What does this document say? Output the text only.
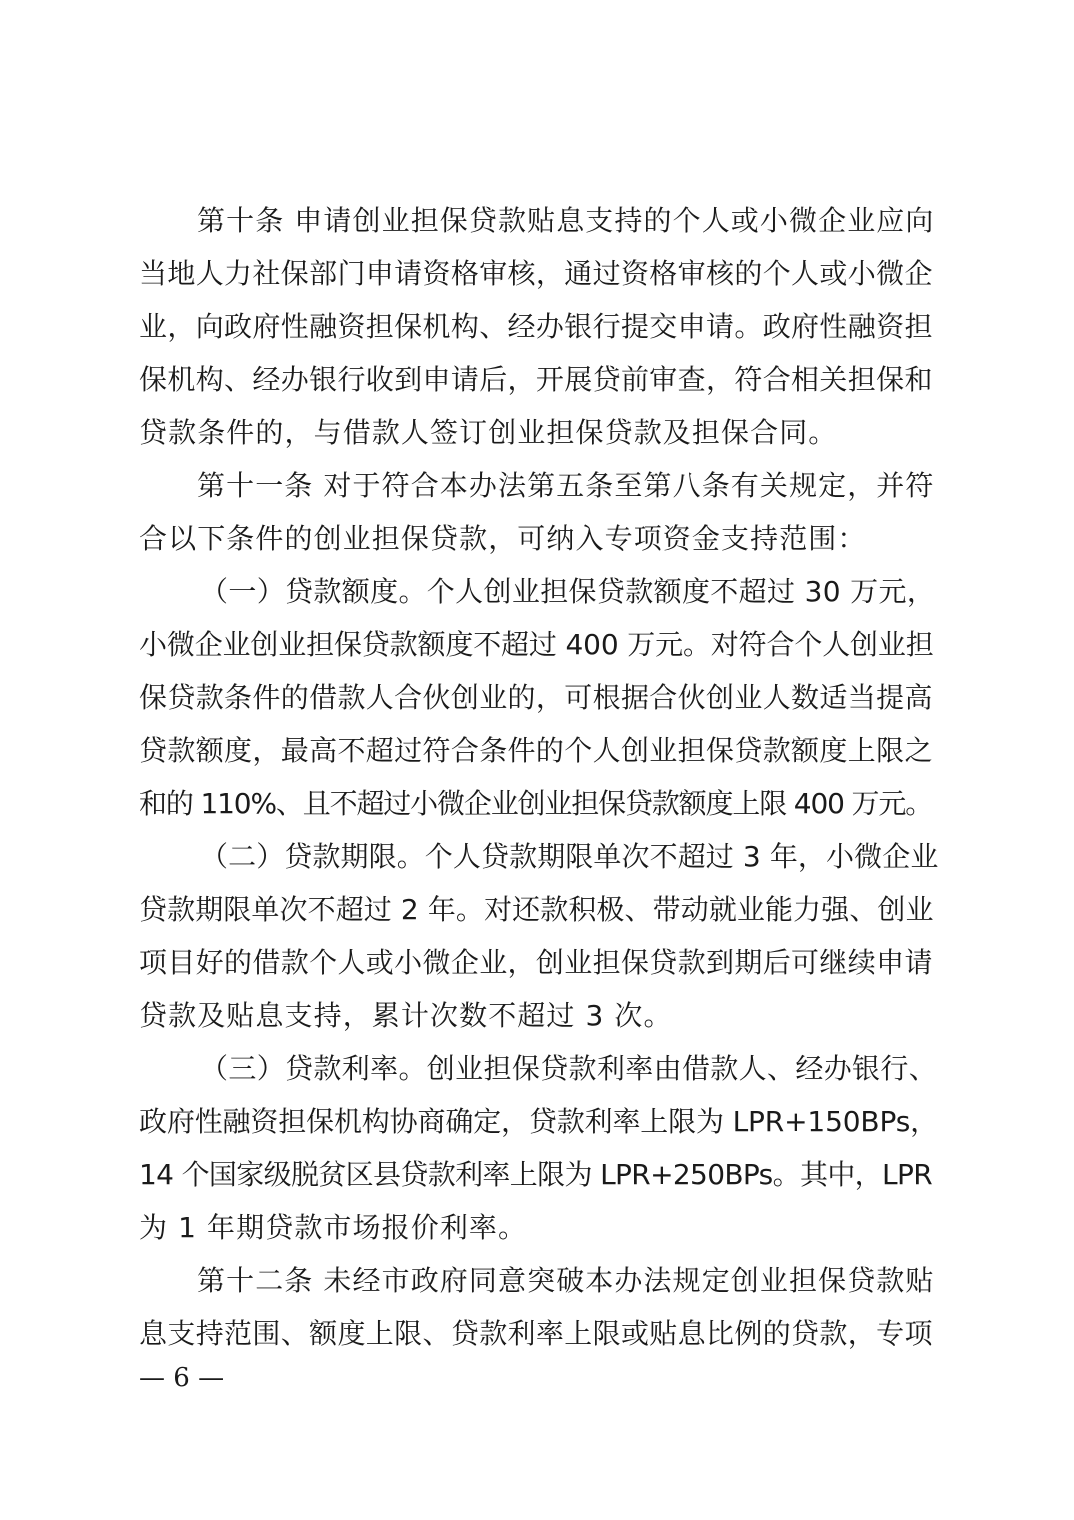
第十条 申请创业担保贷款贴息支持的个人或小微企业应向
当地人力社保部门申请资格审核，通过资格审核的个人或小微企
业，向政府性融资担保机构、经办银行提交申请。政府性融资担
保机构、经办银行收到申请后，开展贷前审查，符合相关担保和
贷款条件的，与借款人签订创业担保贷款及担保合同。
第十一条 对于符合本办法第五条至第八条有关规定，并符
合以下条件的创业担保贷款，可纳入专项资金支持范围：
（一）贷款额度。个人创业担保贷款额度不超过 30 万元，
小微企业创业担保贷款额度不超过 400 万元。对符合个人创业担
保贷款条件的借款人合伙创业的，可根据合伙创业人数适当提高
贷款额度，最高不超过符合条件的个人创业担保贷款额度上限之
和的 110%、且不超过小微企业创业担保贷款额度上限 400 万元。
（二）贷款期限。个人贷款期限单次不超过 3 年，小微企业
贷款期限单次不超过 2 年。对还款积极、带动就业能力强、创业
项目好的借款个人或小微企业，创业担保贷款到期后可继续申请
贷款及贴息支持，累计次数不超过 3 次。
（三）贷款利率。创业担保贷款利率由借款人、经办银行、
政府性融资担保机构协商确定，贷款利率上限为 LPR+150BPs，
14 个国家级脱贫区县贷款利率上限为 LPR+250BPs。其中，LPR
为 1 年期贷款市场报价利率。
第十二条 未经市政府同意突破本办法规定创业担保贷款贴
息支持范围、额度上限、贷款利率上限或贴息比例的贷款，专项
— 6 —
